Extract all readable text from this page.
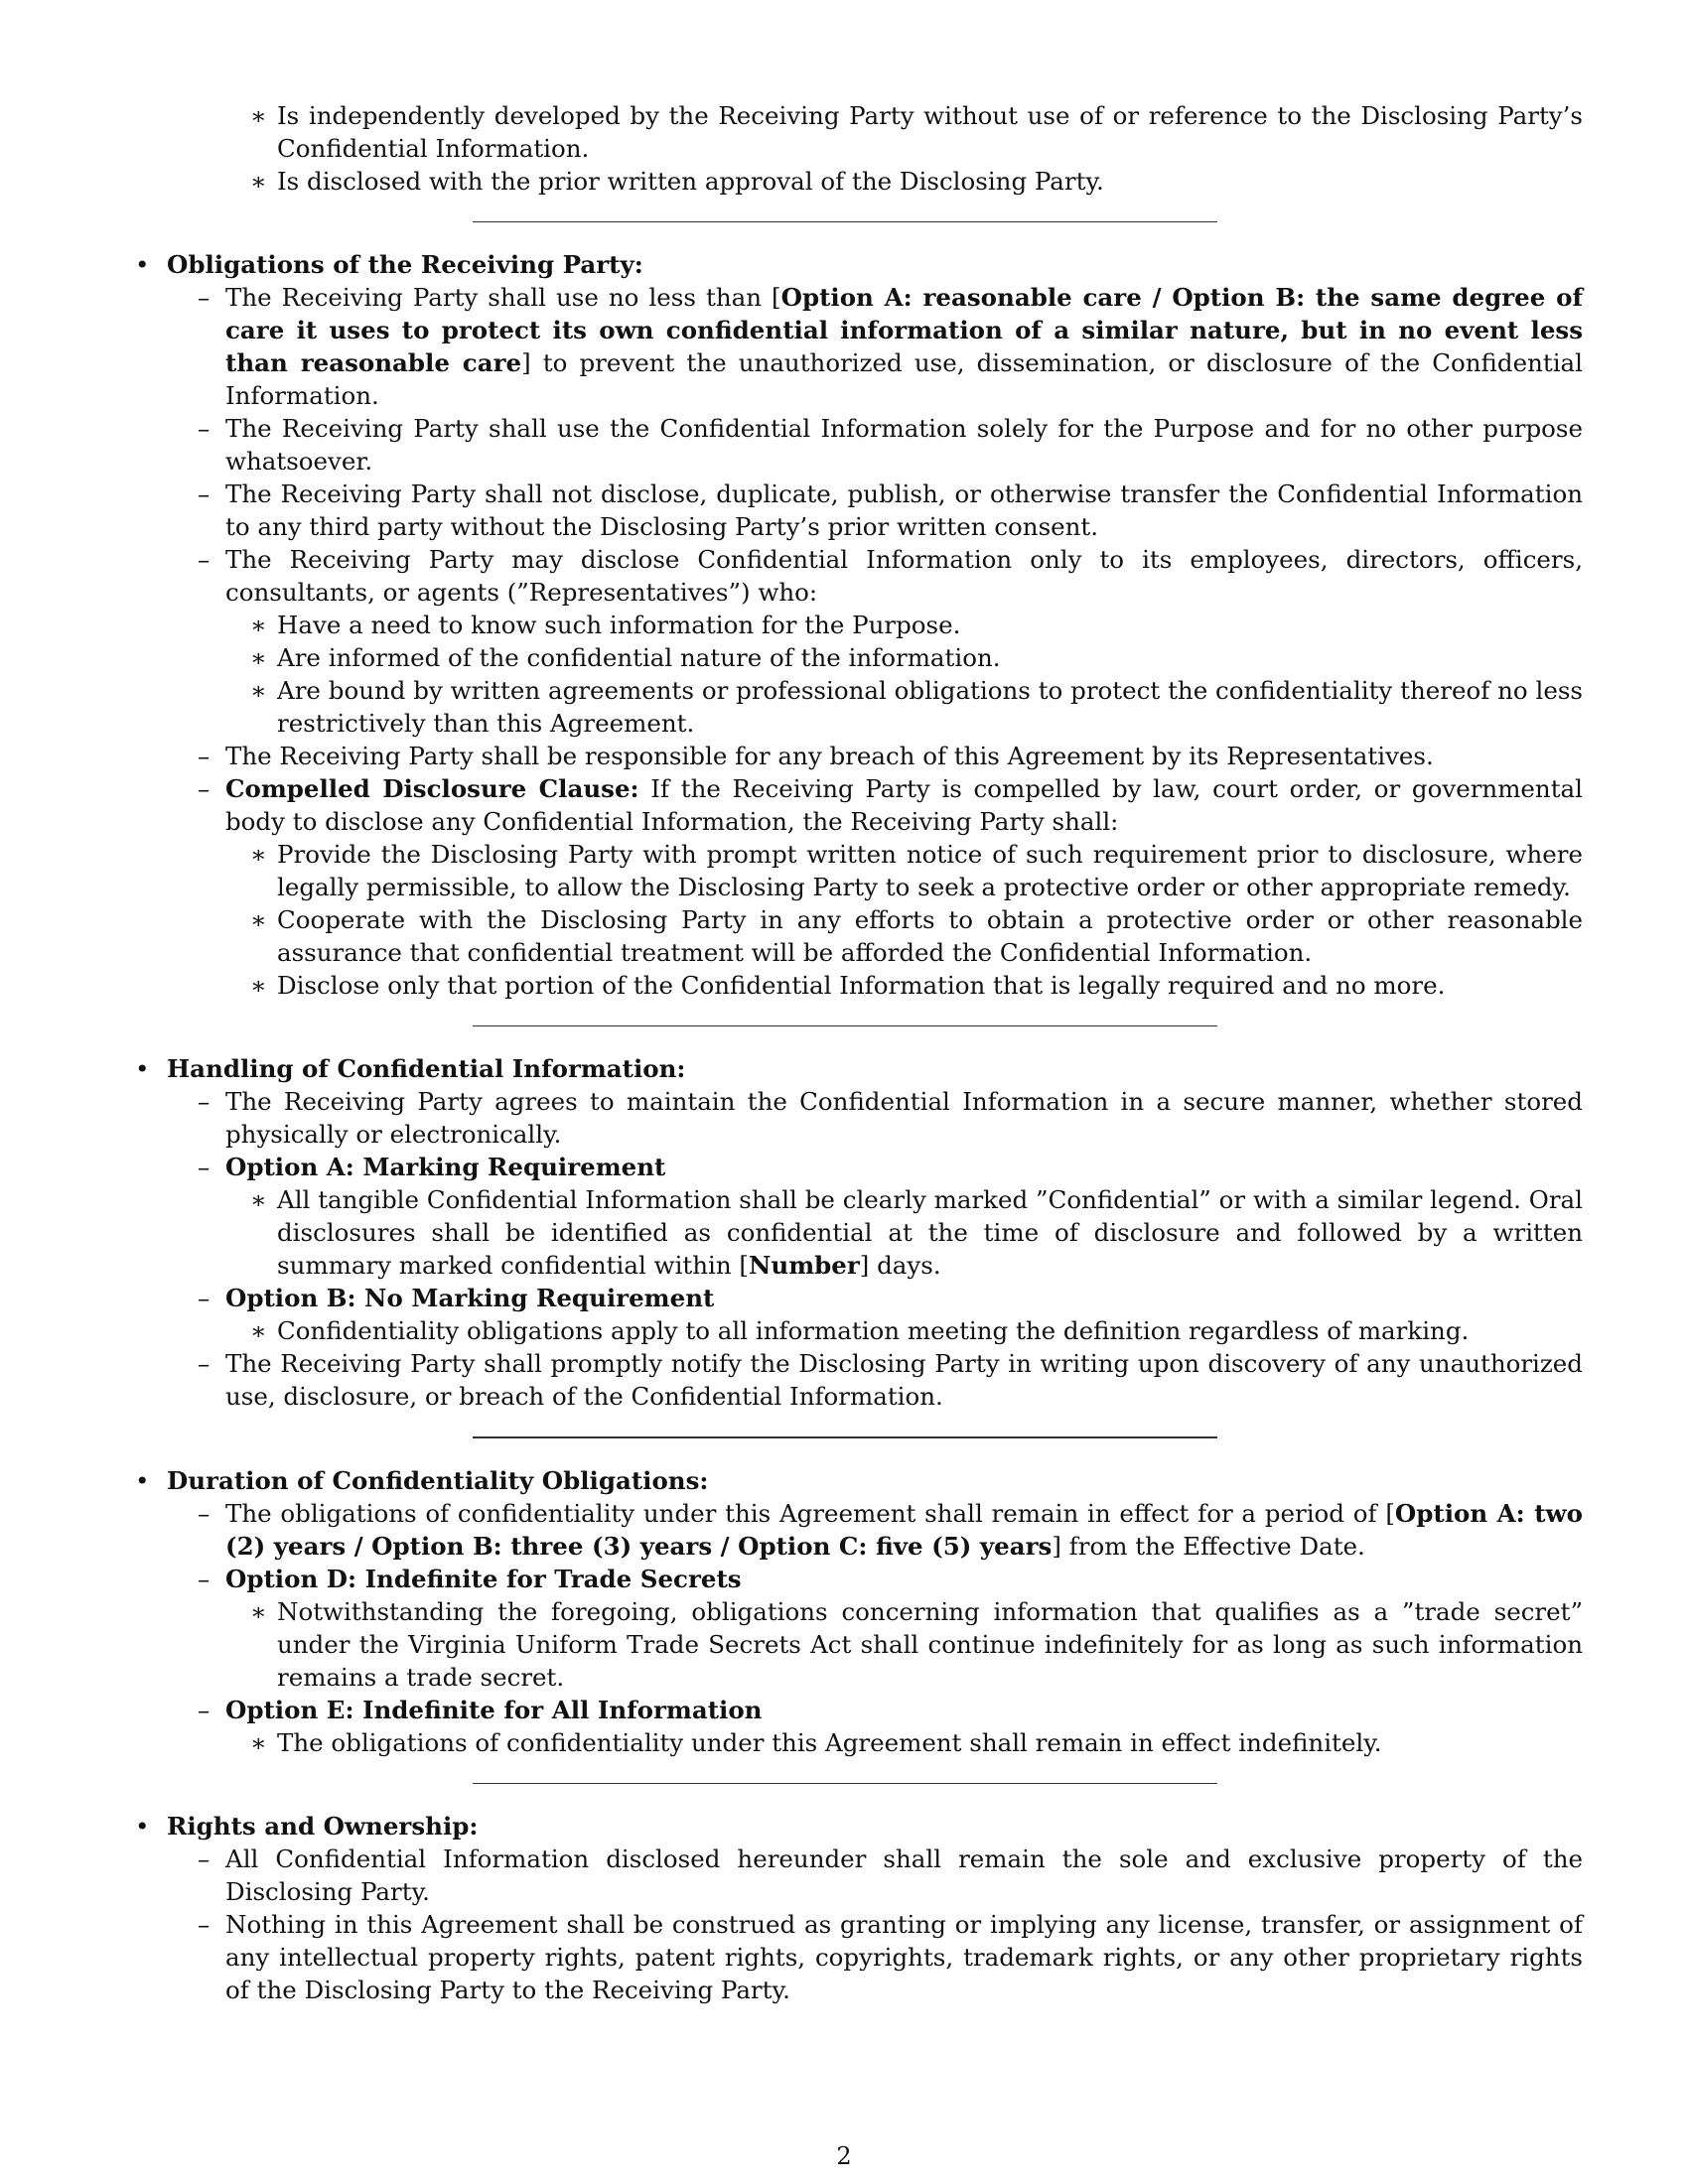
∗ Is independently developed by the Receiving Party without use of or reference to the Disclosing Party’s Confidential Information.
∗ Is disclosed with the prior written approval of the Disclosing Party.
• Obligations of the Receiving Party:
– The Receiving Party shall use no less than [Option A: reasonable care / Option B: the same degree of care it uses to protect its own confidential information of a similar nature, but in no event less than reasonable care] to prevent the unauthorized use, dissemination, or disclosure of the Confidential Information.
– The Receiving Party shall use the Confidential Information solely for the Purpose and for no other purpose whatsoever.
– The Receiving Party shall not disclose, duplicate, publish, or otherwise transfer the Confidential Information to any third party without the Disclosing Party’s prior written consent.
– The Receiving Party may disclose Confidential Information only to its employees, directors, officers, consultants, or agents (”Representatives”) who:
∗ Have a need to know such information for the Purpose.
∗ Are informed of the confidential nature of the information.
∗ Are bound by written agreements or professional obligations to protect the confidentiality thereof no less restrictively than this Agreement.
– The Receiving Party shall be responsible for any breach of this Agreement by its Representatives.
– Compelled Disclosure Clause: If the Receiving Party is compelled by law, court order, or governmental body to disclose any Confidential Information, the Receiving Party shall:
∗ Provide the Disclosing Party with prompt written notice of such requirement prior to disclosure, where legally permissible, to allow the Disclosing Party to seek a protective order or other appropriate remedy.
∗ Cooperate with the Disclosing Party in any efforts to obtain a protective order or other reasonable assurance that confidential treatment will be afforded the Confidential Information.
∗ Disclose only that portion of the Confidential Information that is legally required and no more.
• Handling of Confidential Information:
– The Receiving Party agrees to maintain the Confidential Information in a secure manner, whether stored physically or electronically.
– Option A: Marking Requirement
∗ All tangible Confidential Information shall be clearly marked ”Confidential” or with a similar legend. Oral disclosures shall be identified as confidential at the time of disclosure and followed by a written summary marked confidential within [Number] days.
– Option B: No Marking Requirement
∗ Confidentiality obligations apply to all information meeting the definition regardless of marking.
– The Receiving Party shall promptly notify the Disclosing Party in writing upon discovery of any unauthorized use, disclosure, or breach of the Confidential Information.
• Duration of Confidentiality Obligations:
– The obligations of confidentiality under this Agreement shall remain in effect for a period of [Option A: two (2) years / Option B: three (3) years / Option C: five (5) years] from the Effective Date.
– Option D: Indefinite for Trade Secrets
∗ Notwithstanding the foregoing, obligations concerning information that qualifies as a ”trade secret” under the Virginia Uniform Trade Secrets Act shall continue indefinitely for as long as such information remains a trade secret.
– Option E: Indefinite for All Information
∗ The obligations of confidentiality under this Agreement shall remain in effect indefinitely.
• Rights and Ownership:
– All Confidential Information disclosed hereunder shall remain the sole and exclusive property of the Disclosing Party.
– Nothing in this Agreement shall be construed as granting or implying any license, transfer, or assignment of any intellectual property rights, patent rights, copyrights, trademark rights, or any other proprietary rights of the Disclosing Party to the Receiving Party.
2
